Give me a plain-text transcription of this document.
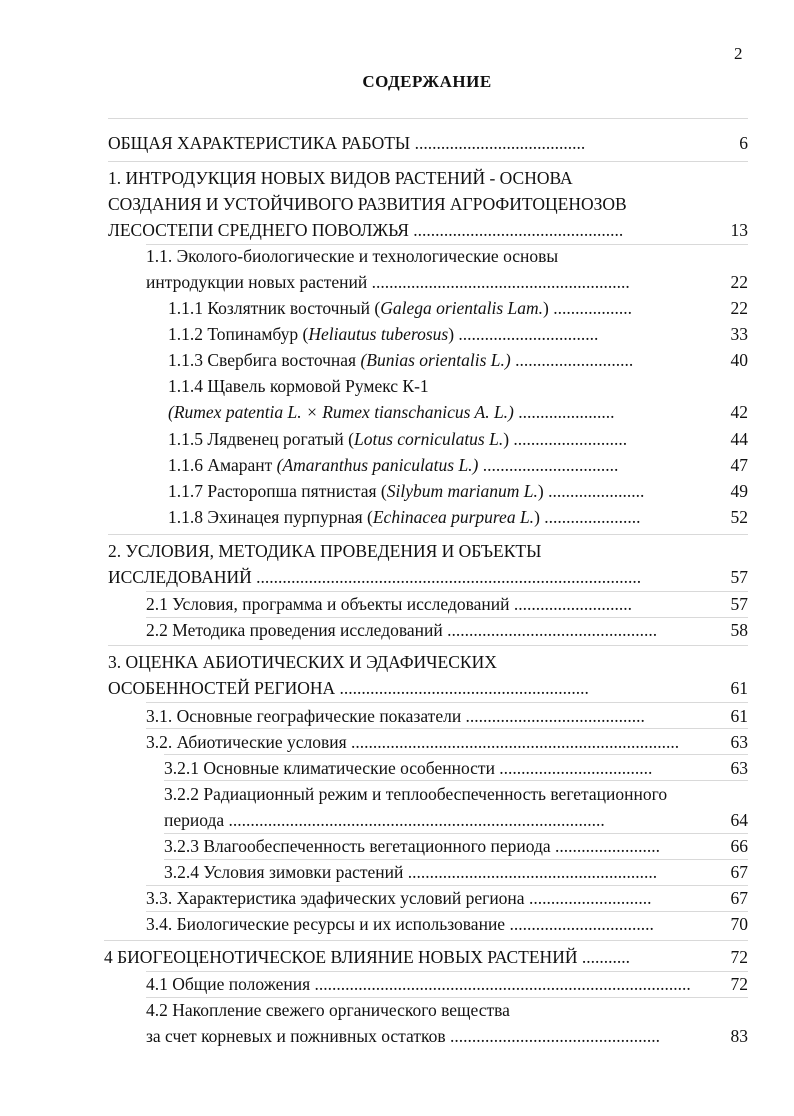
2
СОДЕРЖАНИЕ
ОБЩАЯ ХАРАКТЕРИСТИКА РАБОТЫ .......................................	6
1. ИНТРОДУКЦИЯ НОВЫХ ВИДОВ РАСТЕНИЙ - ОСНОВА
СОЗДАНИЯ И УСТОЙЧИВОГО РАЗВИТИЯ АГРОФИТОЦЕНОЗОВ
ЛЕСОСТЕПИ СРЕДНЕГО ПОВОЛЖЬЯ ................................................	13
1.1. Эколого-биологические и технологические основы
интродукции новых растений ...........................................................	22
1.1.1 Козлятник восточный (Galega orientalis Lam.) ..................	22
1.1.2 Топинамбур (Heliautus tuberosus) ................................	33
1.1.3 Свербига восточная (Bunias orientalis L.) ...........................	40
1.1.4 Щавель кормовой Румекс К-1
(Rumex patentia L. × Rumex tianschanicus A. L.) ......................	42
1.1.5 Лядвенец рогатый (Lotus corniculatus L.) ..........................	44
1.1.6 Амарант (Amaranthus paniculatus L.) ...............................	47
1.1.7 Расторопша пятнистая (Silybum marianum L.) ......................	49
1.1.8 Эхинацея пурпурная (Echinacea purpurea L.) ......................	52
2. УСЛОВИЯ, МЕТОДИКА ПРОВЕДЕНИЯ И ОБЪЕКТЫ
ИССЛЕДОВАНИЙ ........................................................................................	57
2.1 Условия, программа и объекты исследований ...........................	57
2.2 Методика проведения исследований ................................................	58
3. ОЦЕНКА АБИОТИЧЕСКИХ И ЭДАФИЧЕСКИХ
ОСОБЕННОСТЕЙ РЕГИОНА .........................................................	61
3.1. Основные географические показатели .........................................	61
3.2. Абиотические условия ...........................................................................	63
3.2.1 Основные климатические особенности ...................................	63
3.2.2 Радиационный режим и теплообеспеченность вегетационного
периода ......................................................................................	64
3.2.3 Влагообеспеченность вегетационного периода ........................	66
3.2.4 Условия зимовки растений .........................................................	67
3.3. Характеристика эдафических условий региона ............................	67
3.4. Биологические ресурсы и их использование .................................	70
4 БИОГЕОЦЕНОТИЧЕСКОЕ ВЛИЯНИЕ НОВЫХ РАСТЕНИЙ ...........	72
4.1 Общие положения ......................................................................................	72
4.2 Накопление свежего органического вещества
за счет корневых и пожнивных остатков ................................................	83
